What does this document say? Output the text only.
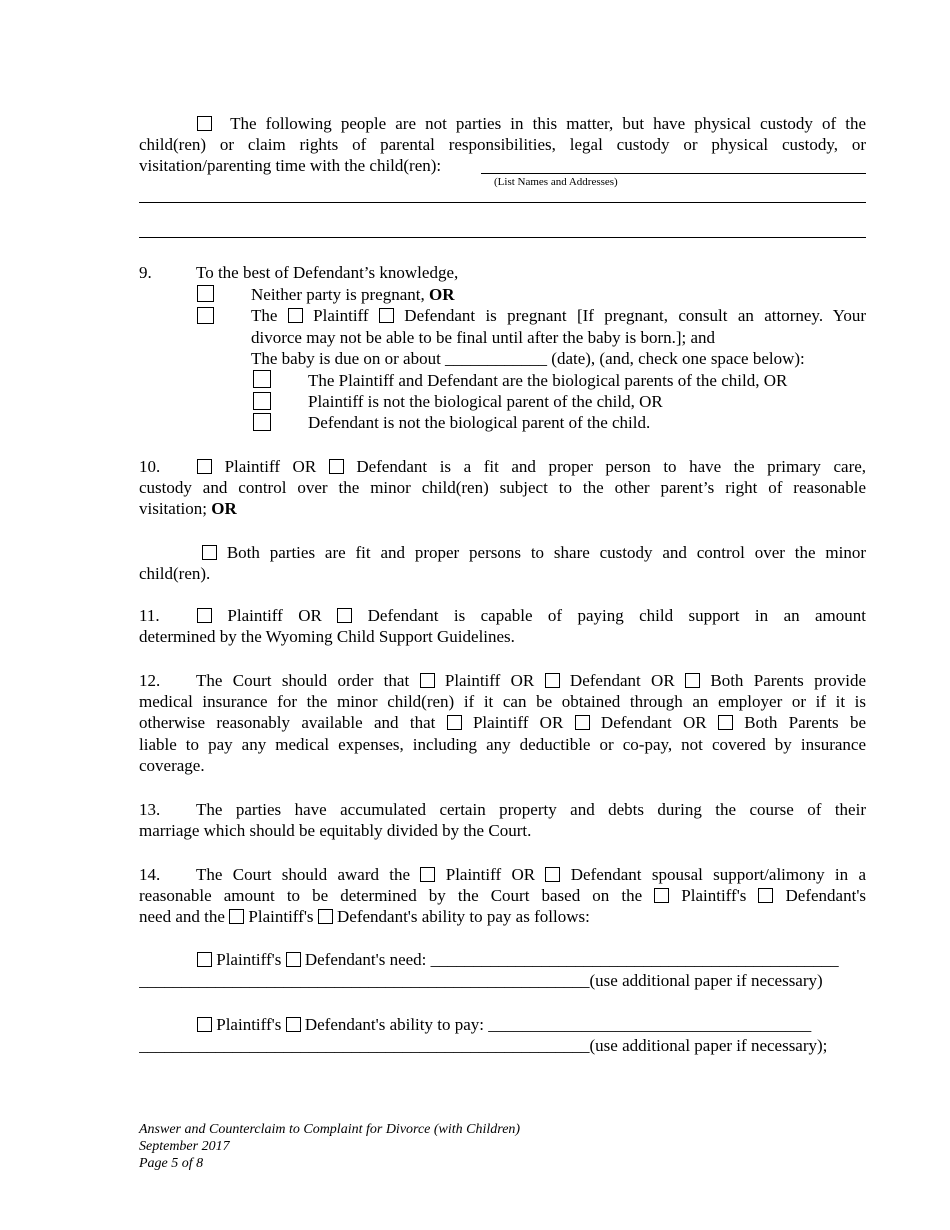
The following people are not parties in this matter, but have physical custody of the
child(ren) or claim rights of parental responsibilities, legal custody or physical custody, or
visitation/parenting time with the child(ren):
(List Names and Addresses)
9.	To the best of Defendant’s knowledge,
Neither party is pregnant, OR
The Plaintiff Defendant is pregnant [If pregnant, consult an attorney. Your
divorce may not be able to be final until after the baby is born.]; and
The baby is due on or about ____________ (date), (and, check one space below):
The Plaintiff and Defendant are the biological parents of the child, OR
Plaintiff is not the biological parent of the child, OR
Defendant is not the biological parent of the child.
10.	Plaintiff OR Defendant is a fit and proper person to have the primary care,
custody and control over the minor child(ren) subject to the other parent’s right of reasonable
visitation; OR
Both parties are fit and proper persons to share custody and control over the minor
child(ren).
11.	Plaintiff OR	Defendant is capable of paying child support in an amount
determined by the Wyoming Child Support Guidelines.
12. The Court should order that Plaintiff OR Defendant OR Both Parents provide
medical insurance for the minor child(ren) if it can be obtained through an employer or if it is
otherwise reasonably available and that Plaintiff OR Defendant OR Both Parents be
liable to pay any medical expenses, including any deductible or co-pay, not covered by insurance
coverage.
13. The parties have accumulated certain property and debts during the course of their
marriage which should be equitably divided by the Court.
14. The Court should award the Plaintiff OR Defendant spousal support/alimony in a
reasonable amount to be determined by the Court based on the Plaintiff's Defendant's
need and the Plaintiff's Defendant's ability to pay as follows:
Plaintiff's Defendant's need: ________________________________________________
_____________________________________________________(use additional paper if necessary)
Plaintiff's Defendant's ability to pay: ______________________________________
_____________________________________________________(use additional paper if necessary);
Answer and Counterclaim to Complaint for Divorce (with Children)
September 2017
Page 5 of 8
